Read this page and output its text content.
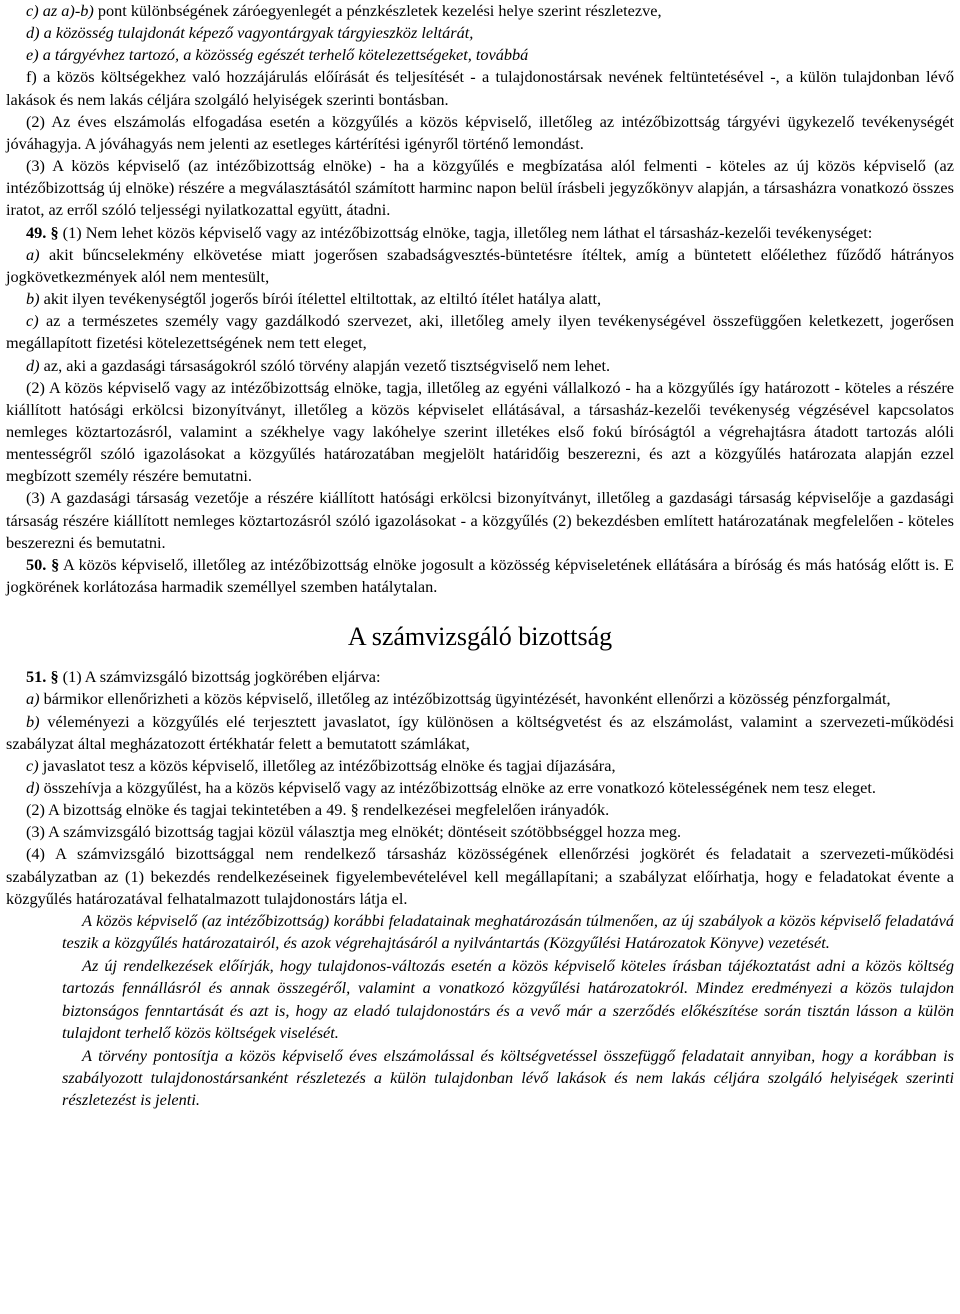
c) az a)-b) pont különbségének záróegyenlegét a pénzkészletek kezelési helye szerint részletezve,

d) a közösség tulajdonát képező vagyontárgyak tárgyieszköz leltárát,

e) a tárgyévhez tartozó, a közösség egészét terhelő kötelezettségeket, továbbá

f) a közös költségekhez való hozzájárulás előírását és teljesítését - a tulajdonostársak nevének feltüntetésével -, a külön tulajdonban lévő lakások és nem lakás céljára szolgáló helyiségek szerinti bontásban.

(2) Az éves elszámolás elfogadása esetén a közgyűlés a közös képviselő, illetőleg az intézőbizottság tárgyévi ügykezelő tevékenységét jóváhagyja. A jóváhagyás nem jelenti az esetleges kártérítési igényről történő lemondást.

(3) A közös képviselő (az intézőbizottság elnöke) - ha a közgyűlés e megbízatása alól felmenti - köteles az új közös képviselő (az intézőbizottság új elnöke) részére a megválasztásától számított harminc napon belül írásbeli jegyzőkönyv alapján, a társasházra vonatkozó összes iratot, az erről szóló teljességi nyilatkozattal együtt, átadni.

49. § (1) Nem lehet közös képviselő vagy az intézőbizottság elnöke, tagja, illetőleg nem láthat el társasház-kezelői tevékenységet:

a) akit bűncselekmény elkövetése miatt jogerősen szabadságvesztés-büntetésre ítéltek, amíg a büntetett előélethez fűződő hátrányos jogkövetkezmények alól nem mentesült,

b) akit ilyen tevékenységtől jogerős bírói ítélettel eltiltottak, az eltiltó ítélet hatálya alatt,

c) az a természetes személy vagy gazdálkodó szervezet, aki, illetőleg amely ilyen tevékenységével összefüggően keletkezett, jogerősen megállapított fizetési kötelezettségének nem tett eleget,

d) az, aki a gazdasági társaságokról szóló törvény alapján vezető tisztségviselő nem lehet.

(2) A közös képviselő vagy az intézőbizottság elnöke, tagja, illetőleg az egyéni vállalkozó - ha a közgyűlés így határozott - köteles a részére kiállított hatósági erkölcsi bizonyítványt, illetőleg a közös képviselet ellátásával, a társasház-kezelői tevékenység végzésével kapcsolatos nemleges köztartozásról, valamint a székhelye vagy lakóhelye szerint illetékes első fokú bíróságtól a végrehajtásra átadott tartozás alóli mentességről szóló igazolásokat a közgyűlés határozatában megjelölt határidőig beszerezni, és azt a közgyűlés határozata alapján ezzel megbízott személy részére bemutatni.

(3) A gazdasági társaság vezetője a részére kiállított hatósági erkölcsi bizonyítványt, illetőleg a gazdasági társaság képviselője a gazdasági társaság részére kiállított nemleges köztartozásról szóló igazolásokat - a közgyűlés (2) bekezdésben említett határozatának megfelelően - köteles beszerezni és bemutatni.

50. § A közös képviselő, illetőleg az intézőbizottság elnöke jogosult a közösség képviseletének ellátására a bíróság és más hatóság előtt is. E jogkörének korlátozása harmadik személlyel szemben hatálytalan.

A számvizsgáló bizottság

51. § (1) A számvizsgáló bizottság jogkörében eljárva:

a) bármikor ellenőrizheti a közös képviselő, illetőleg az intézőbizottság ügyintézését, havonként ellenőrzi a közösség pénzforgalmát,

b) véleményezi a közgyűlés elé terjesztett javaslatot, így különösen a költségvetést és az elszámolást, valamint a szervezeti-működési szabályzat által megházatozott értékhatár felett a bemutatott számlákat,

c) javaslatot tesz a közös képviselő, illetőleg az intézőbizottság elnöke és tagjai díjazására,

d) összehívja a közgyűlést, ha a közös képviselő vagy az intézőbizottság elnöke az erre vonatkozó kötelességének nem tesz eleget.

(2) A bizottság elnöke és tagjai tekintetében a 49. § rendelkezései megfelelően irányadók.

(3) A számvizsgáló bizottság tagjai közül választja meg elnökét; döntéseit szótöbbséggel hozza meg.

(4) A számvizsgáló bizottsággal nem rendelkező társasház közösségének ellenőrzési jogkörét és feladatait a szervezeti-működési szabályzatban az (1) bekezdés rendelkezéseinek figyelembevételével kell megállapítani; a szabályzat előírhatja, hogy e feladatokat évente a közgyűlés határozatával felhatalmazott tulajdonostárs látja el.

A közös képviselő (az intézőbizottság) korábbi feladatainak meghatározásán túlmenően, az új szabályok a közös képviselő feladatává teszik a közgyűlés határozatairól, és azok végrehajtásáról a nyilvántartás (Közgyűlési Határozatok Könyve) vezetését.

Az új rendelkezések előírják, hogy tulajdonos-változás esetén a közös képviselő köteles írásban tájékoztatást adni a közös költség tartozás fennállásról és annak összegéről, valamint a vonatkozó közgyűlési határozatokról. Mindez eredményezi a közös tulajdon biztonságos fenntartását és azt is, hogy az eladó tulajdonostárs és a vevő már a szerződés előkészítése során tisztán lásson a külön tulajdont terhelő közös költségek viselését.

A törvény pontosítja a közös képviselő éves elszámolással és költségvetéssel összefüggő feladatait annyiban, hogy a korábban is szabályozott tulajdonostársanként részletezés a külön tulajdonban lévő lakások és nem lakás céljára szolgáló helyiségek szerinti részletezést is jelenti.
